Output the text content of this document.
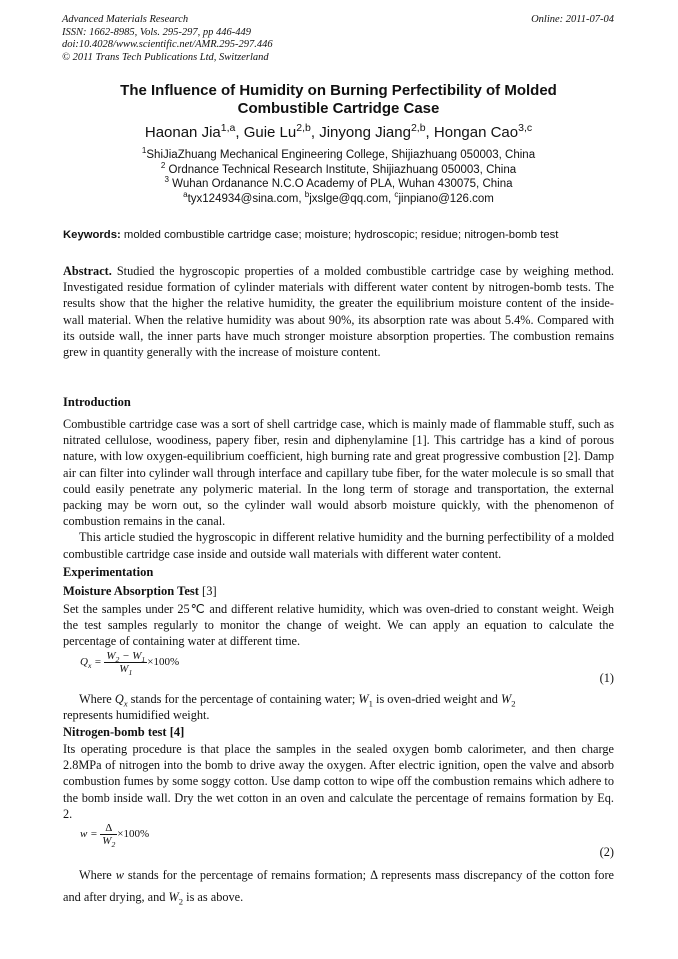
Advanced Materials Research
ISSN: 1662-8985, Vols. 295-297, pp 446-449
doi:10.4028/www.scientific.net/AMR.295-297.446
© 2011 Trans Tech Publications Ltd, Switzerland
Online: 2011-07-04
The Influence of Humidity on Burning Perfectibility of Molded
Combustible Cartridge Case
Haonan Jia$^{1,a}$, Guie Lu$^{2,b}$, Jinyong Jiang$^{2,b}$, Hongan Cao$^{3,c}$
$^1$ShiJiaZhuang Mechanical Engineering College, Shijiazhuang 050003, China
$^2$ Ordnance Technical Research Institute, Shijiazhuang 050003, China
$^3$ Wuhan Ordanance N.C.O Academy of PLA, Wuhan 430075, China
$^a$tyx124934@sina.com, $^b$jxslge@qq.com, $^c$jinpiano@126.com
Keywords: molded combustible cartridge case; moisture; hydroscopic; residue; nitrogen-bomb test

Abstract. Studied the hygroscopic properties of a molded combustible cartridge case by weighing method. Investigated residue formation of cylinder materials with different water content by nitrogen-bomb tests. The results show that the higher the relative humidity, the greater the equilibrium moisture content of the inside-wall material. When the relative humidity was about 90%, its absorption rate was about 5.4%. Compared with its outside wall, the inner parts have much stronger moisture absorption properties. The combustion remains grew in quantity generally with the increase of moisture content.

Introduction

Combustible cartridge case was a sort of shell cartridge case, which is mainly made of flammable stuff, such as nitrated cellulose, woodiness, papery fiber, resin and diphenylamine [1]. This cartridge has a kind of porous nature, with low oxygen-equilibrium coefficient, high burning rate and great progressive combustion [2]. Damp air can filter into cylinder wall through interface and capillary tube fiber, for the water molecule is so small that could easily penetrate any polymeric material. In the long term of storage and transportation, the external packing may be worn out, so the cylinder wall would absorb moisture quickly, with the phenomenon of combustion remains in the canal.

This article studied the hygroscopic in different relative humidity and the burning perfectibility of a molded combustible cartridge case inside and outside wall materials with different water content.

Experimentation
Moisture Absorption Test [3]

Set the samples under 25℃ and different relative humidity, which was oven-dried to constant weight. Weigh the test samples regularly to monitor the change of weight. We can apply an equation to calculate the percentage of containing water at different time.

$Q_x = \frac{W_2 - W_1}{W_1} \times 100\%$
(1)

Where $Q_x$ stands for the percentage of containing water; $W_1$ is oven-dried weight and $W_2$

represents humidified weight.

Nitrogen-bomb test [4]

Its operating procedure is that place the samples in the sealed oxygen bomb calorimeter, and then charge 2.8MPa of nitrogen into the bomb to drive away the oxygen. After electric ignition, open the valve and absorb combustion fumes by some soggy cotton. Use damp cotton to wipe off the combustion remains which adhere to the bomb inside wall. Dry the wet cotton in an oven and calculate the percentage of remains formation by Eq. 2.

$w = \frac{\Delta}{W_2} \times 100\%$
(2)

Where w stands for the percentage of remains formation; Δ represents mass discrepancy of the cotton fore and after drying, and $W_2$ is as above.
